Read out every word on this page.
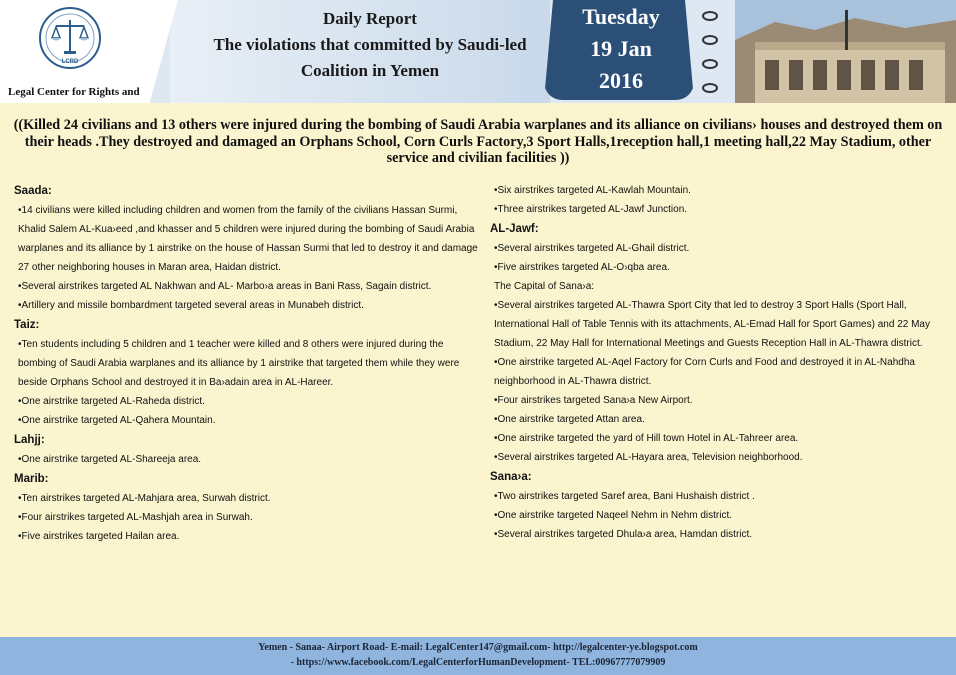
LCRD
Legal Center for Rights and
Daily Report
The violations that committed by Saudi-led
Coalition in Yemen
Tuesday
19 Jan
2016
((Killed 24 civilians and 13 others were injured during the bombing of Saudi Arabia warplanes and its alliance on civilians› houses and destroyed them on their heads .They destroyed and damaged an Orphans School, Corn Curls Factory,3 Sport Halls,1reception hall,1 meeting hall,22 May Stadium, other service and civilian facilities ))
Saada:
•14 civilians were killed including children and women from the family of the civilians Hassan Surmi, Khalid Salem AL-Kua›eed ,and khasser and 5 children were injured during the bombing of Saudi Arabia warplanes and its alliance by 1 airstrike on the house of Hassan Surmi that led to destroy it and damage 27 other neighboring houses in Maran area, Haidan district.
•Several airstrikes targeted AL Nakhwan and AL- Marbo›a areas in Bani Rass, Sagain district.
•Artillery and missile bombardment targeted several areas in Munabeh district.
Taiz:
•Ten students including 5 children and 1 teacher were killed and 8 others were injured during the bombing of Saudi Arabia warplanes and its alliance by 1 airstrike that targeted them while they were beside Orphans School and destroyed it in Ba›adain area in AL-Hareer.
•One airstrike targeted AL-Raheda district.
•One airstrike targeted AL-Qahera Mountain.
Lahjj:
•One airstrike targeted AL-Shareeja area.
Marib:
•Ten airstrikes targeted AL-Mahjara area, Surwah district.
•Four airstrikes targeted AL-Mashjah area in Surwah.
•Five airstrikes targeted Hailan area.
•Six airstrikes targeted AL-Kawlah Mountain.
•Three airstrikes targeted AL-Jawf Junction.
AL-Jawf:
•Several airstrikes targeted AL-Ghail district.
•Five airstrikes targeted AL-O›qba area.
The Capital of Sana›a:
•Several airstrikes targeted AL-Thawra Sport City that led to destroy 3 Sport Halls (Sport Hall, International Hall of Table Tennis with its attachments, AL-Emad Hall for Sport Games) and 22 May Stadium, 22 May Hall for International Meetings and Guests Reception Hall in AL-Thawra district.
•One airstrike targeted AL-Aqel Factory for Corn Curls and Food and destroyed it in AL-Nahdha neighborhood in AL-Thawra district.
•Four airstrikes targeted Sana›a New Airport.
•One airstrike targeted Attan area.
•One airstrike targeted the yard of Hill town Hotel in AL-Tahreer area.
•Several airstrikes targeted AL-Hayara area, Television neighborhood.
Sana›a:
•Two airstrikes targeted Saref area, Bani Hushaish district .
•One airstrike targeted Naqeel Nehm in Nehm district.
•Several airstrikes targeted Dhula›a area, Hamdan district.
Yemen - Sanaa- Airport Road- E-mail: LegalCenter147@gmail.com- http://legalcenter-ye.blogspot.com
- https://www.facebook.com/LegalCenterforHumanDevelopment- TEL:00967777079909
